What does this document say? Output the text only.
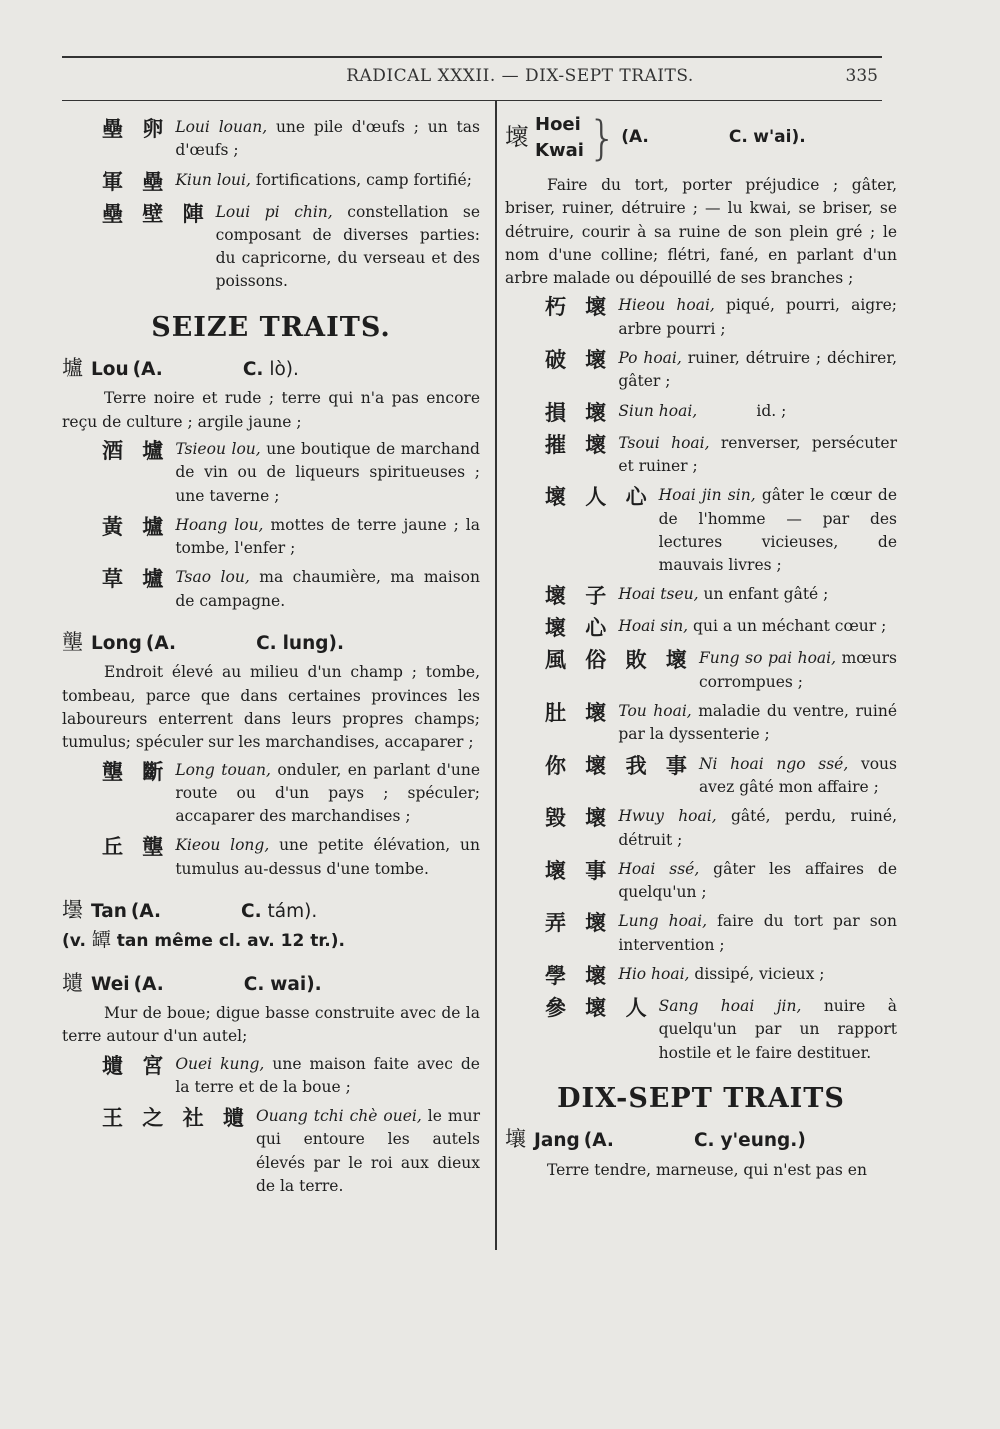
RADICAL XXXII. — DIX-SEPT TRAITS.	335
壘 卵 Loui louan, une pile d'œufs ; un tas d'œufs ;
軍 壘 Kiun loui, fortifications, camp fortifié;
壘 壁 陣 Loui pi chin, constellation se composant de diverses parties: du capricorne, du verseau et des poissons.
SEIZE TRAITS.
壚 Lou (A.	C. lò).
Terre noire et rude ; terre qui n'a pas encore reçu de culture ; argile jaune ;
酒 壚 Tsieou lou, une boutique de marchand de vin ou de liqueurs spiritueuses ; une taverne ;
黃 壚 Hoang lou, mottes de terre jaune ; la tombe, l'enfer ;
草 壚 Tsao lou, ma chaumière, ma maison de campagne.
壟 Long (A.	C. lung).
Endroit élevé au milieu d'un champ ; tombe, tombeau, parce que dans certaines provinces les laboureurs enterrent dans leurs propres champs; tumulus; spéculer sur les marchandises, accaparer ;
壟 斷 Long touan, onduler, en parlant d'une route ou d'un pays ; spéculer; accaparer des marchandises ;
丘 壟 Kieou long, une petite élévation, un tumulus au-dessus d'une tombe.
壜 Tan (A.	C. tám).
(v. 罈 tan même cl. av. 12 tr.).
壝 Wei (A.	C. wai).
Mur de boue; digue basse construite avec de la terre autour d'un autel;
壝 宮 Ouei kung, une maison faite avec de la terre et de la boue ;
王 之 社 壝 Ouang tchi chè ouei, le mur qui entoure les autels élevés par le roi aux dieux de la terre.
壞 Hoei
Kwai } (A.	C. w'ai).
Faire du tort, porter préjudice ; gâter, briser, ruiner, détruire ; — lu kwai, se briser, se détruire, courir à sa ruine de son plein gré ; le nom d'une colline; flétri, fané, en parlant d'un arbre malade ou dépouillé de ses branches ;
朽 壞 Hieou hoai, piqué, pourri, aigre; arbre pourri ;
破 壞 Po hoai, ruiner, détruire ; déchirer, gâter ;
損 壞 Siun hoai,            id. ;
摧 壞 Tsoui hoai, renverser, persécuter et ruiner ;
壞 人 心 Hoai jin sin, gâter le cœur de de l'homme — par des lectures vicieuses, de mauvais livres ;
壞 子 Hoai tseu, un enfant gâté ;
壞 心 Hoai sin, qui a un méchant cœur ;
風 俗 敗 壞 Fung so pai hoai, mœurs corrompues ;
肚 壞 Tou hoai, maladie du ventre, ruiné par la dyssenterie ;
你 壞 我 事 Ni hoai ngo ssé, vous avez gâté mon affaire ;
毀 壞 Hwuy hoai, gâté, perdu, ruiné, détruit ;
壞 事 Hoai ssé, gâter les affaires de quelqu'un ;
弄 壞 Lung hoai, faire du tort par son intervention ;
學 壞 Hio hoai, dissipé, vicieux ;
參 壞 人 Sang hoai jin, nuire à quelqu'un par un rapport hostile et le faire destituer.
DIX-SEPT TRAITS
壤 Jang (A.	C. y'eung.)
Terre tendre, marneuse, qui n'est pas en
